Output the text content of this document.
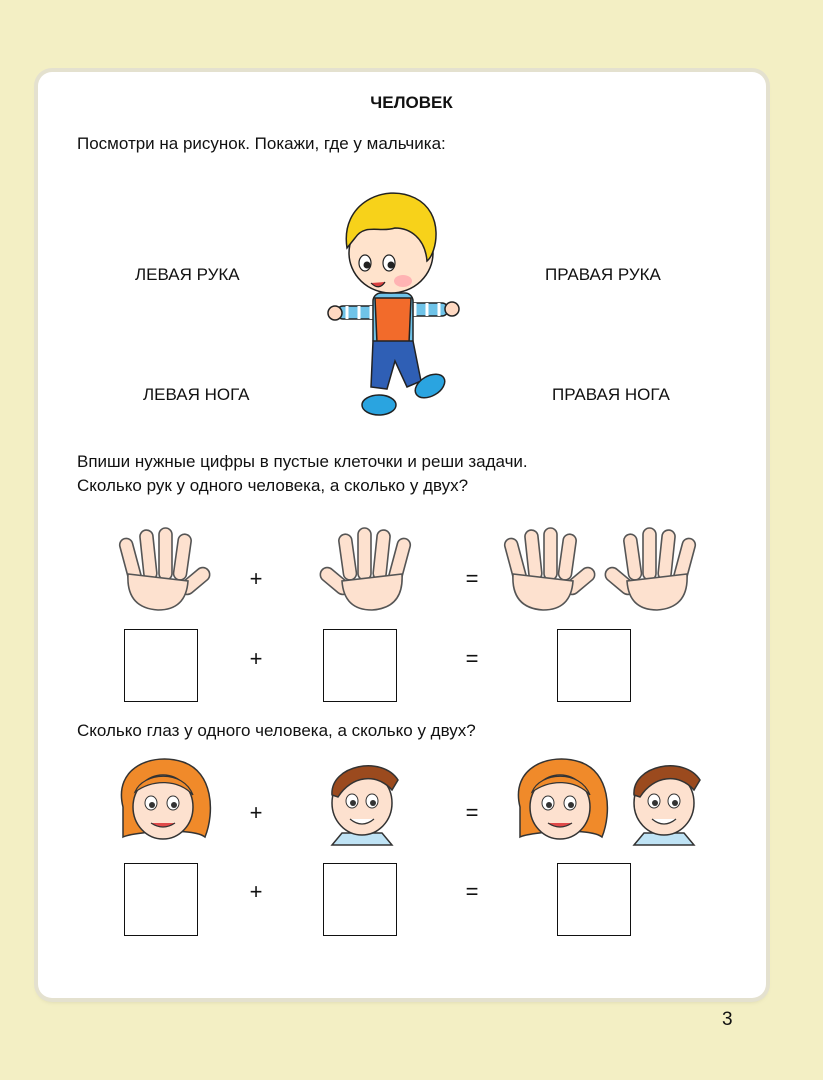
ЧЕЛОВЕК
Посмотри на рисунок. Покажи, где у мальчика:
ЛЕВАЯ РУКА	ПРАВАЯ РУКА
ЛЕВАЯ НОГА	ПРАВАЯ НОГА
Впиши нужные цифры в пустые клеточки и реши задачи.
Сколько рук у одного человека, а сколько у двух?
+	=
+	=
Сколько глаз у одного человека, а сколько у двух?
+	=
+	=
3
